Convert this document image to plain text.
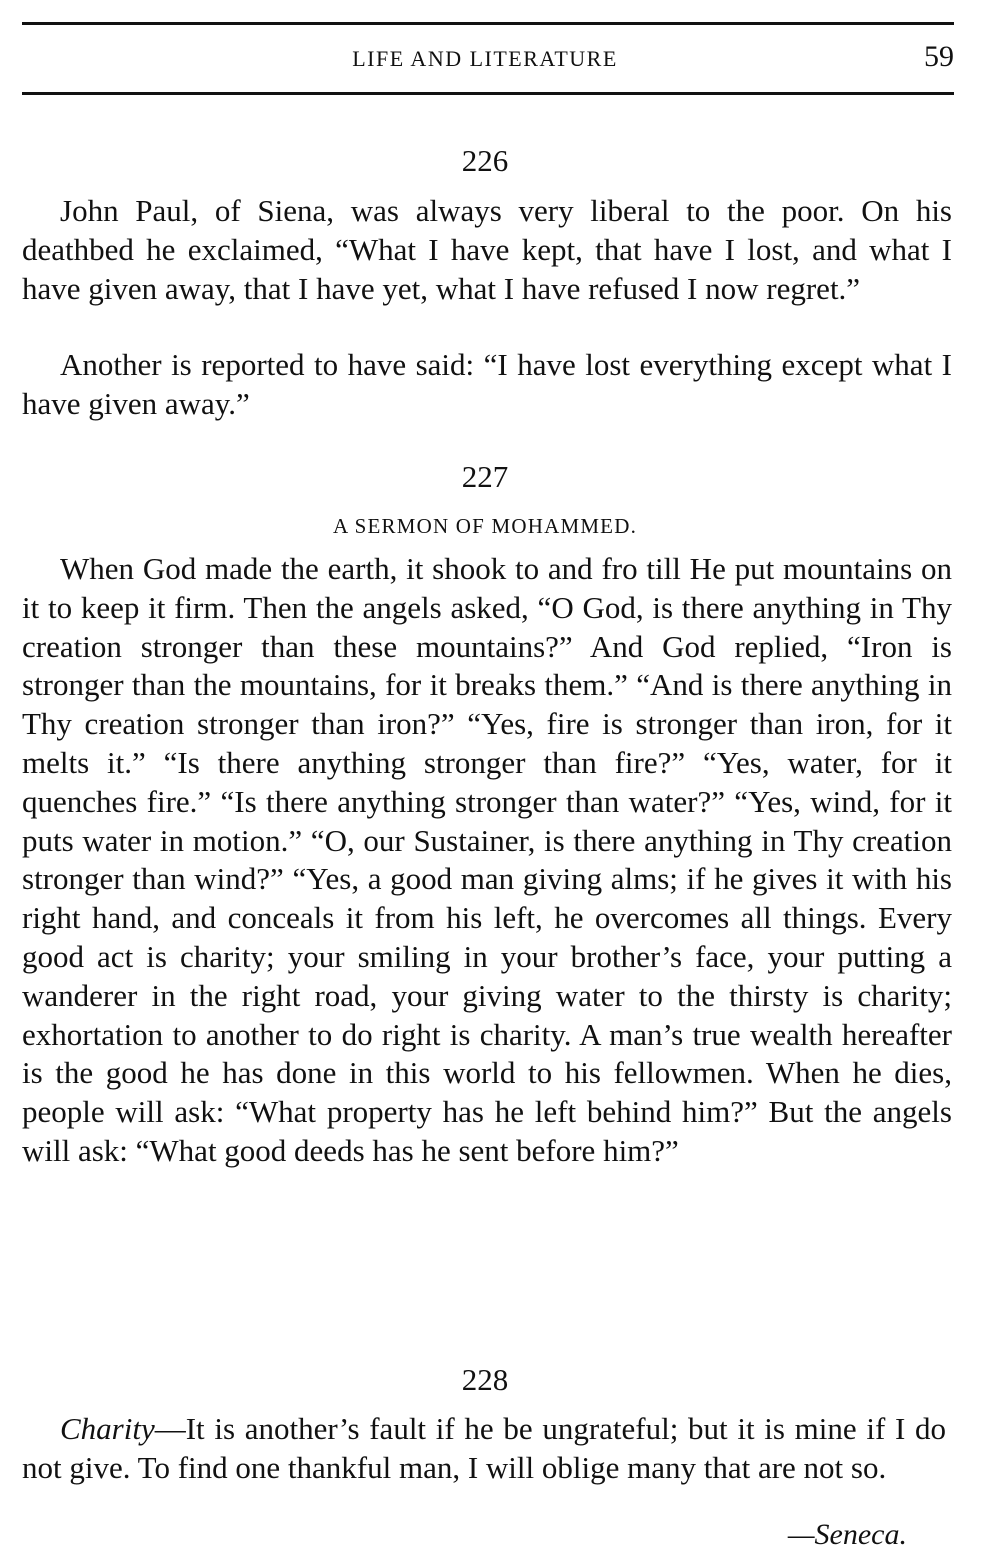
LIFE AND LITERATURE	59
226

John Paul, of Siena, was always very liberal to the poor. On his deathbed he exclaimed, “What I have kept, that have I lost, and what I have given away, that I have yet, what I have refused I now regret.”

Another is reported to have said: “I have lost everything except what I have given away.”

227
A SERMON OF MOHAMMED.

When God made the earth, it shook to and fro till He put mountains on it to keep it firm. Then the angels asked, “O God, is there anything in Thy creation stronger than these mountains?” And God replied, “Iron is stronger than the mountains, for it breaks them.” “And is there anything in Thy creation stronger than iron?” “Yes, fire is stronger than iron, for it melts it.” “Is there anything stronger than fire?” “Yes, water, for it quenches fire.” “Is there anything stronger than water?” “Yes, wind, for it puts water in motion.” “O, our Sustainer, is there anything in Thy creation stronger than wind?” “Yes, a good man giving alms; if he gives it with his right hand, and conceals it from his left, he overcomes all things. Every good act is charity; your smiling in your brother’s face, your putting a wanderer in the right road, your giving water to the thirsty is charity; exhortation to another to do right is charity. A man’s true wealth hereafter is the good he has done in this world to his fellowmen. When he dies, people will ask: “What property has he left behind him?” But the angels will ask: “What good deeds has he sent before him?”

228

Charity—It is another’s fault if he be ungrateful; but it is mine if I do not give. To find one thankful man, I will oblige many that are not so.

—Seneca.
